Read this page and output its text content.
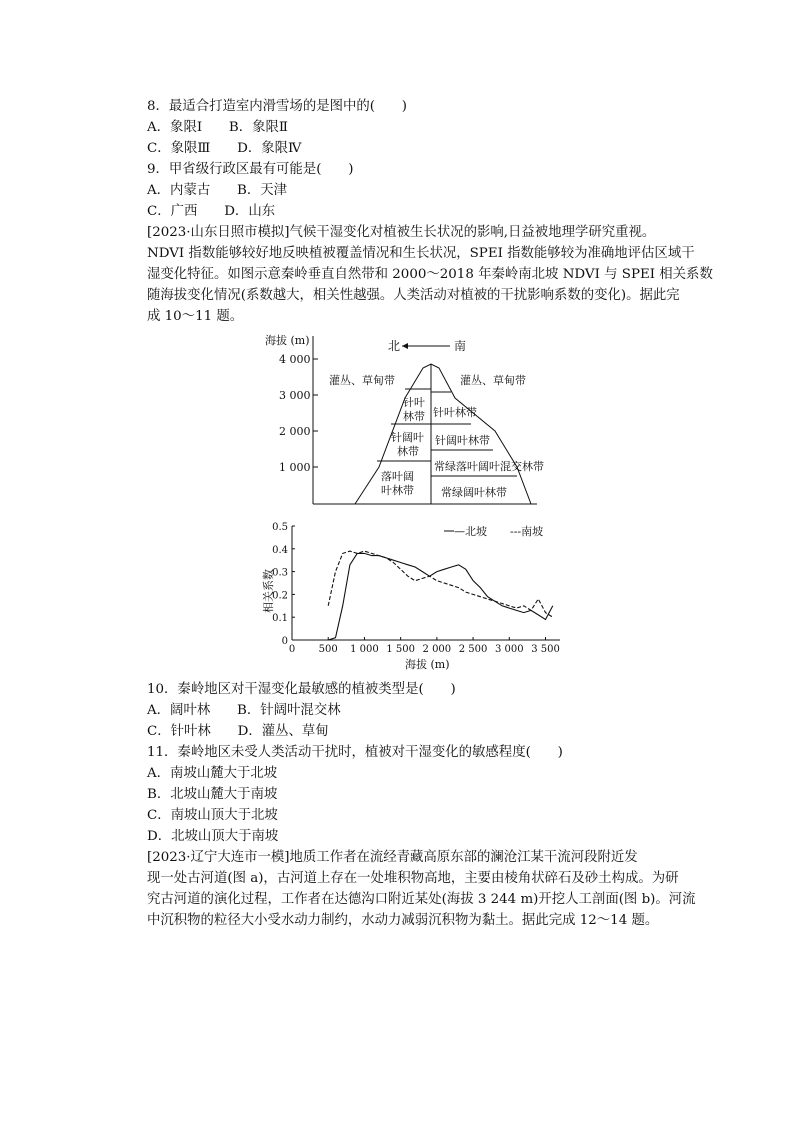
8．最适合打造室内滑雪场的是图中的(　　)
A．象限Ⅰ　　B．象限Ⅱ
C．象限Ⅲ　　D．象限Ⅳ
9．甲省级行政区最有可能是(　　)
A．内蒙古　　B．天津
C．广西　　D．山东
[2023·山东日照市模拟]气候干湿变化对植被生长状况的影响,日益被地理学研究重视。
NDVI 指数能够较好地反映植被覆盖情况和生长状况，SPEI 指数能够较为准确地评估区域干
湿变化特征。如图示意秦岭垂直自然带和 2000～2018 年秦岭南北坡 NDVI 与 SPEI 相关系数
随海拔变化情况(系数越大，相关性越强。人类活动对植被的干扰影响系数的变化)。据此完
成 10～11 题。
海拔 (m)
4 000
3 000
2 000
1 000
北	南
灌丛、草甸带
针叶
林带
针阔叶
林带
落叶阔
叶林带
灌丛、草甸带
针叶林带
针阔叶林带
常绿落叶阔叶混交林带
常绿阔叶林带
0 500 1 000 1 500 2 000 2 500 3 000 3 500
0
0.1
0.2
0.3
0.4
0.5	—北坡 ---南坡
海拔 (m)
相关系数
10．秦岭地区对干湿变化最敏感的植被类型是(　　)
A．阔叶林　　B．针阔叶混交林
C．针叶林　　D．灌丛、草甸
11．秦岭地区未受人类活动干扰时，植被对干湿变化的敏感程度(　　)
A．南坡山麓大于北坡
B．北坡山麓大于南坡
C．南坡山顶大于北坡
D．北坡山顶大于南坡
[2023·辽宁大连市一模]地质工作者在流经青藏高原东部的澜沧江某干流河段附近发
现一处古河道(图 a)，古河道上存在一处堆积物高地，主要由棱角状碎石及砂土构成。为研
究古河道的演化过程，工作者在达德沟口附近某处(海拔 3 244 m)开挖人工剖面(图 b)。河流
中沉积物的粒径大小受水动力制约，水动力减弱沉积物为黏土。据此完成 12～14 题。
